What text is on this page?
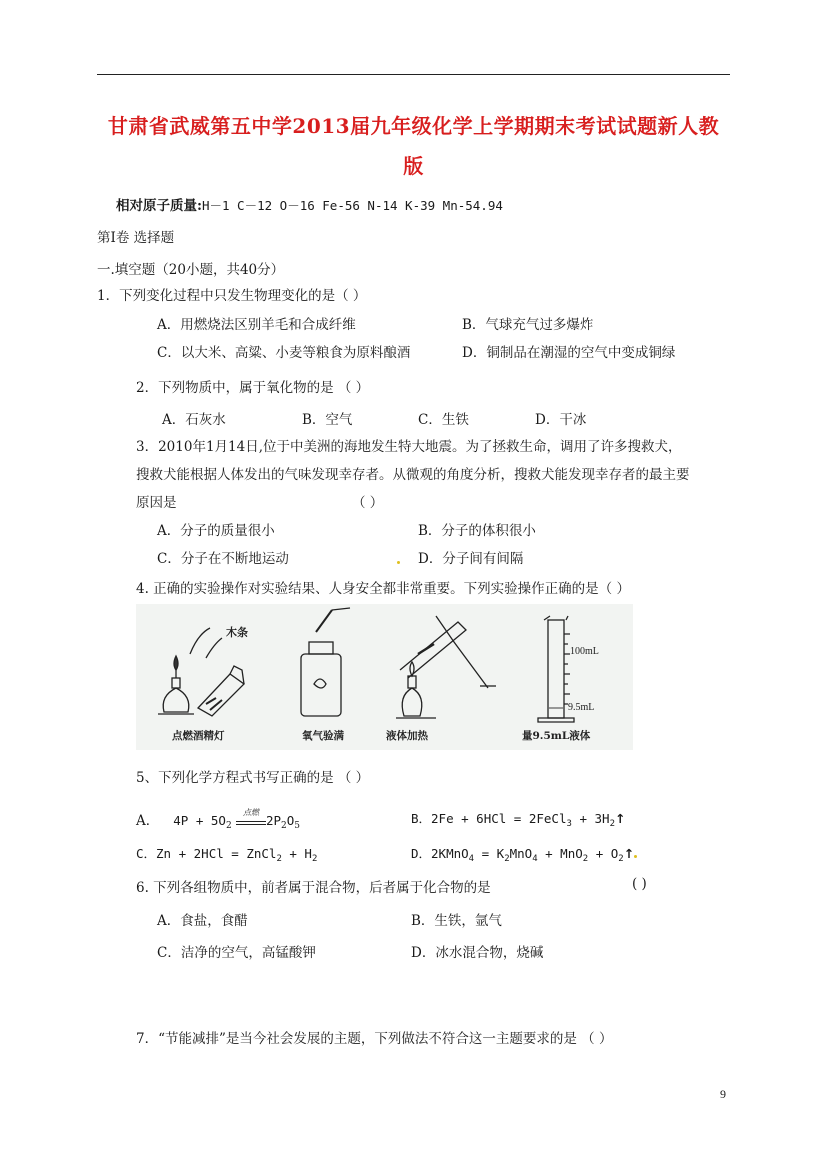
甘肃省武威第五中学2013届九年级化学上学期期末考试试题新人教
版
相对原子质量:H－1 C－12 O－16 Fe-56 N-14 K-39 Mn-54.94
第Ⅰ卷 选择题
一.填空题（20小题，共40分）
1．下列变化过程中只发生物理变化的是（ ）
A．用燃烧法区别羊毛和合成纤维	B．气球充气过多爆炸
C．以大米、高粱、小麦等粮食为原料酿酒	D．铜制品在潮湿的空气中变成铜绿
2．下列物质中，属于氧化物的是 （ ）
A．石灰水	B．空气	C．生铁	D．干冰
3．2010年1月14日,位于中美洲的海地发生特大地震。为了拯救生命，调用了许多搜救犬，
搜救犬能根据人体发出的气味发现幸存者。从微观的角度分析，搜救犬能发现幸存者的最主要
原因是	（ ）
A．分子的质量很小	B．分子的体积很小
C．分子在不断地运动	D．分子间有间隔
4. 正确的实验操作对实验结果、人身安全都非常重要。下列实验操作正确的是（ ）
木条
100mL
9.5mL
点燃酒精灯	氧气验满	液体加热	量9.5mL液体
5、下列化学方程式书写正确的是 （ ）
A． $4P + 5O_2$
点燃
$2P_2O_5$	B．2Fe + 6HCl = 2FeCl$_3$ + $3H_2↑$
C．Zn + 2HCl = ZnCl$_2$ + $H_2$	D．2KMnO$_4$ = $K_2MnO_4 + MnO_2$ + $O_2↑$
6. 下列各组物质中，前者属于混合物，后者属于化合物的是	( )
A．食盐，食醋	B．生铁，氩气
C．洁净的空气，高锰酸钾	D．冰水混合物，烧碱
7．“节能减排”是当今社会发展的主题，下列做法不符合这一主题要求的是 （ ）
9
